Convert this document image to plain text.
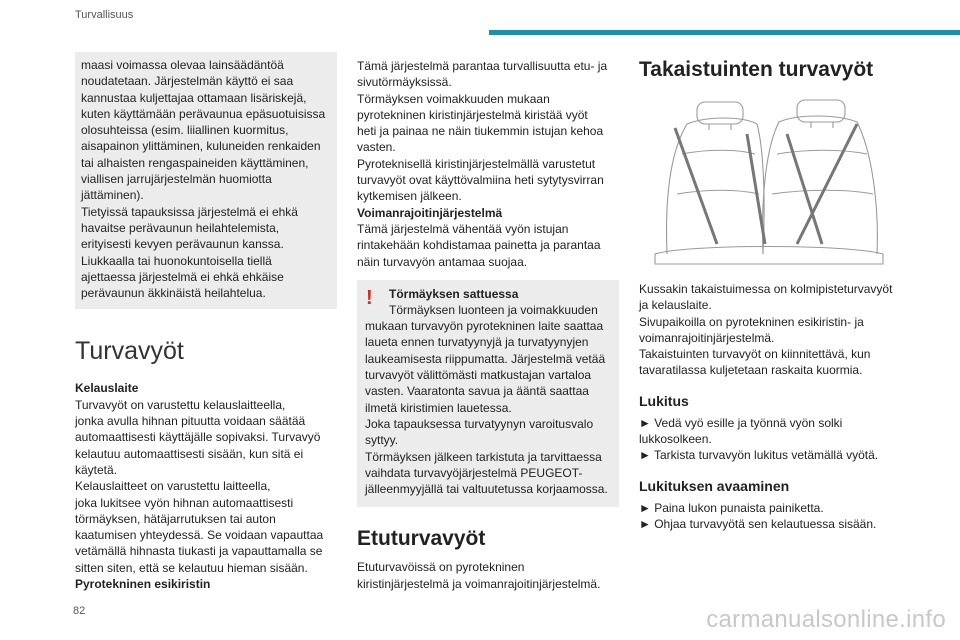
Turvallisuus

maasi voimassa olevaa lainsäädäntöä

noudatetaan. Järjestelmän käyttö ei saa

kannustaa kuljettajaa ottamaan lisäriskejä,

kuten käyttämään perävaunua epäsuotuisissa

olosuhteissa (esim. liiallinen kuormitus,

aisapainon ylittäminen, kuluneiden renkaiden

tai alhaisten rengaspaineiden käyttäminen,

viallisen jarrujärjestelmän huomiotta

jättäminen).

Tietyissä tapauksissa järjestelmä ei ehkä

havaitse perävaunun heilahtelemista,

erityisesti kevyen perävaunun kanssa.

Liukkaalla tai huonokuntoisella tiellä

ajettaessa järjestelmä ei ehkä ehkäise

perävaunun äkkinäistä heilahtelua.

Turvavyöt

Kelauslaite

Turvavyöt on varustettu kelauslaitteella,

jonka avulla hihnan pituutta voidaan säätää

automaattisesti käyttäjälle sopivaksi. Turvavyö

kelautuu automaattisesti sisään, kun sitä ei

käytetä.

Kelauslaitteet on varustettu laitteella,

joka lukitsee vyön hihnan automaattisesti

törmäyksen, hätäjarrutuksen tai auton

kaatumisen yhteydessä. Se voidaan vapauttaa

vetämällä hihnasta tiukasti ja vapauttamalla se

sitten siten, että se kelautuu hieman sisään.

Pyrotekninen esikiristin

Tämä järjestelmä parantaa turvallisuutta etu- ja

sivutörmäyksissä.

Törmäyksen voimakkuuden mukaan

pyrotekninen kiristinjärjestelmä kiristää vyöt

heti ja painaa ne näin tiukemmin istujan kehoa

vasten.

Pyroteknisellä kiristinjärjestelmällä varustetut

turvavyöt ovat käyttövalmiina heti sytytysvirran

kytkemisen jälkeen.

Voimanrajoitinjärjestelmä

Tämä järjestelmä vähentää vyön istujan

rintakehään kohdistamaa painetta ja parantaa

näin turvavyön antamaa suojaa.

! Törmäyksen sattuessa

Törmäyksen luonteen ja voimakkuuden

mukaan turvavyön pyrotekninen laite saattaa

laueta ennen turvatyynyjä ja turvatyynyjen

laukeamisesta riippumatta. Järjestelmä vetää

turvavyöt välittömästi matkustajan vartaloa

vasten. Vaaratonta savua ja ääntä saattaa

ilmetä kiristimien lauetessa.

Joka tapauksessa turvatyynyn varoitusvalo

syttyy.

Törmäyksen jälkeen tarkistuta ja tarvittaessa

vaihdata turvavyöjärjestelmä PEUGEOT-

jälleenmyyjällä tai valtuutetussa korjaamossa.

Etuturvavyöt

Etuturvavöissä on pyrotekninen

kiristinjärjestelmä ja voimanrajoitinjärjestelmä.

Takaistuinten turvavyöt

Kussakin takaistuimessa on kolmipisteturvavyöt

ja kelauslaite.

Sivupaikoilla on pyrotekninen esikiristin- ja

voimanrajoitinjärjestelmä.

Takaistuinten turvavyöt on kiinnitettävä, kun

tavaratilassa kuljetetaan raskaita kuormia.

Lukitus

► Vedä vyö esille ja työnnä vyön solki

lukkosolkeen.

► Tarkista turvavyön lukitus vetämällä vyötä.

Lukituksen avaaminen

► Paina lukon punaista painiketta.

► Ohjaa turvavyötä sen kelautuessa sisään.

82	carmanualsonline.info
